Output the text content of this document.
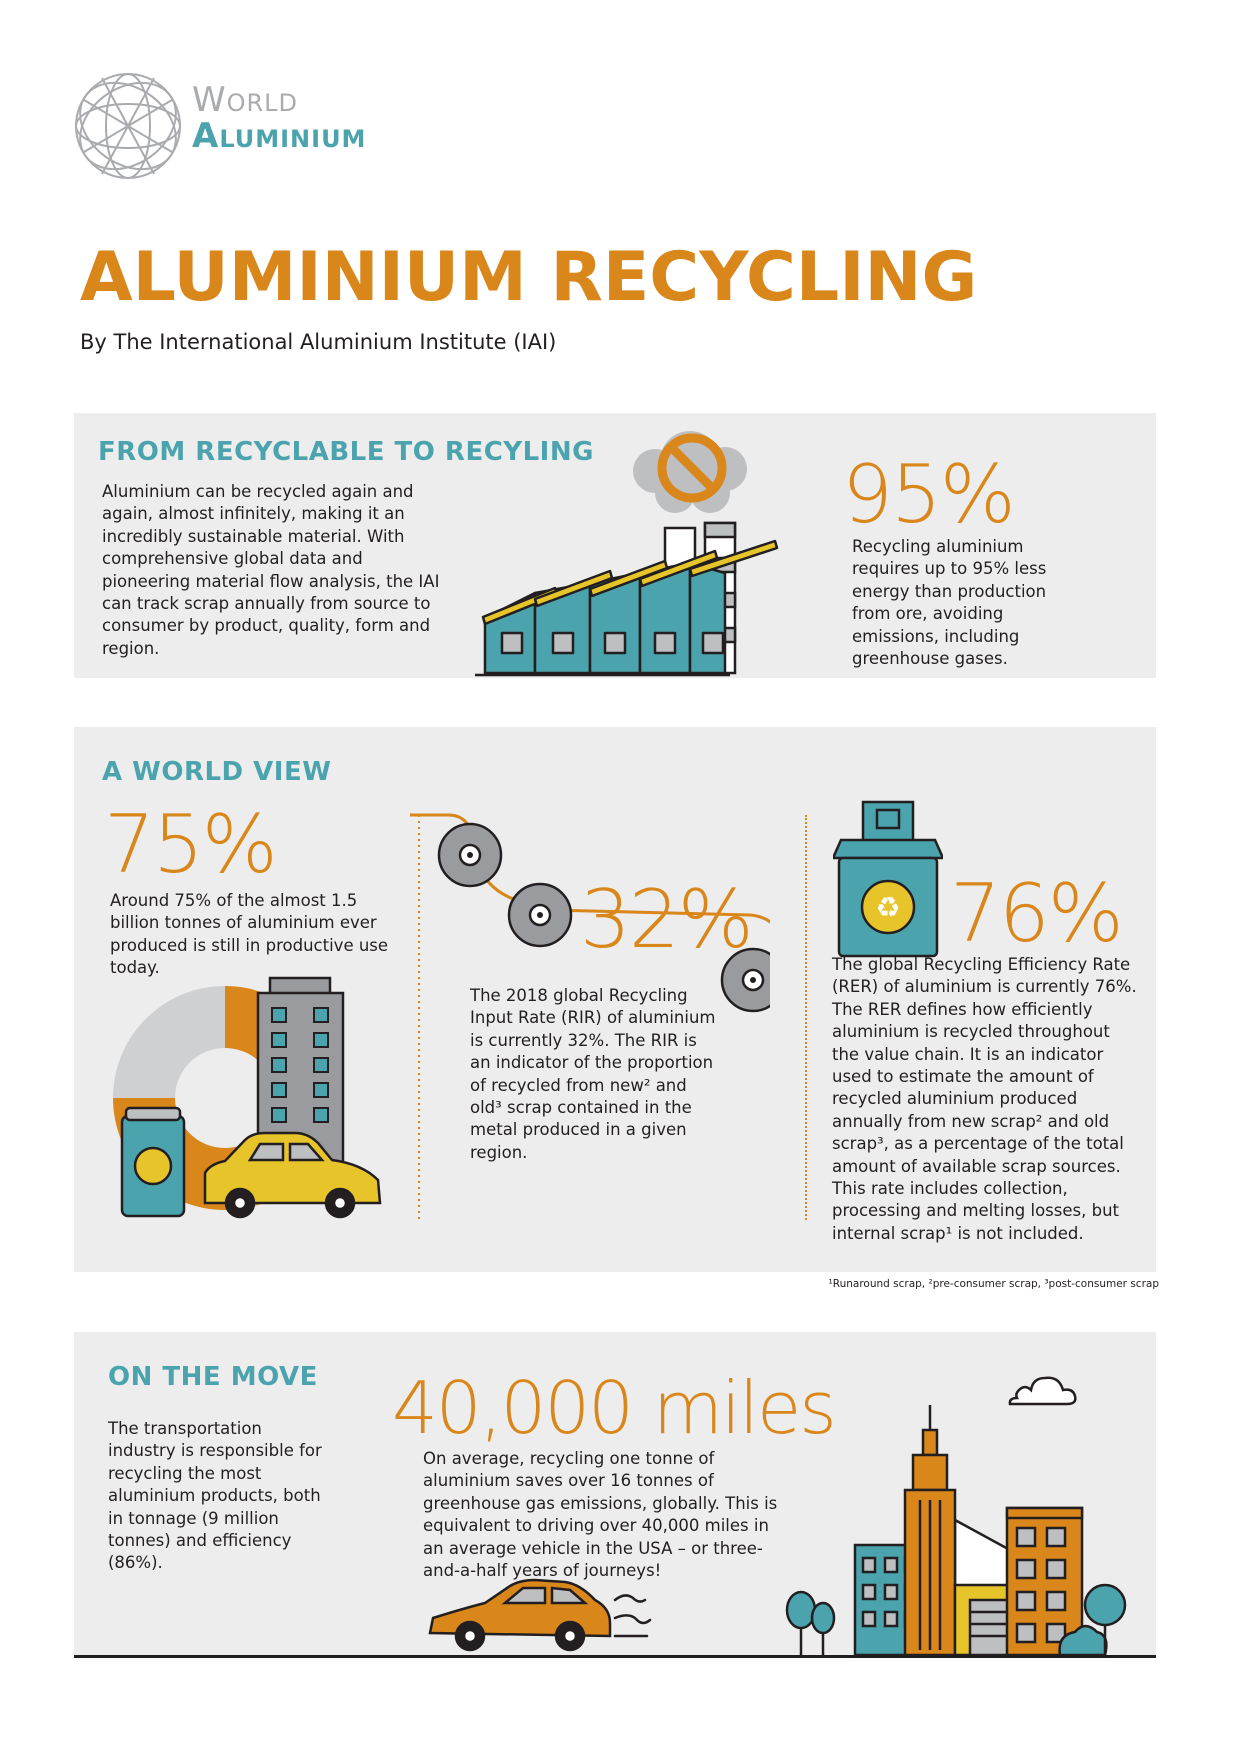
World
Aluminium
ALUMINIUM RECYCLING
By The International Aluminium Institute (IAI)
FROM RECYCLABLE TO RECYLING
Aluminium can be recycled again and again, almost infinitely, making it an incredibly sustainable material. With comprehensive global data and pioneering material flow analysis, the IAI can track scrap annually from source to consumer by product, quality, form and region.
95%
Recycling aluminium requires up to 95% less energy than production from ore, avoiding emissions, including greenhouse gases.
A WORLD VIEW
75%
Around 75% of the almost 1.5 billion tonnes of aluminium ever produced is still in productive use today.
32%
The 2018 global Recycling Input Rate (RIR) of aluminium is currently 32%. The RIR is an indicator of the proportion of recycled from new² and old³ scrap contained in the metal produced in a given region.
♻ 76%
The global Recycling Efficiency Rate (RER) of aluminium is currently 76%. The RER defines how efficiently aluminium is recycled throughout the value chain. It is an indicator used to estimate the amount of recycled aluminium produced annually from new scrap² and old scrap³, as a percentage of the total amount of available scrap sources. This rate includes collection, processing and melting losses, but internal scrap¹ is not included.
¹Runaround scrap, ²pre-consumer scrap, ³post-consumer scrap
ON THE MOVE
The transportation industry is responsible for recycling the most aluminium products, both in tonnage (9 million tonnes) and efficiency (86%).
40,000 miles
On average, recycling one tonne of aluminium saves over 16 tonnes of greenhouse gas emissions, globally. This is equivalent to driving over 40,000 miles in an average vehicle in the USA – or three-and-a-half years of journeys!
